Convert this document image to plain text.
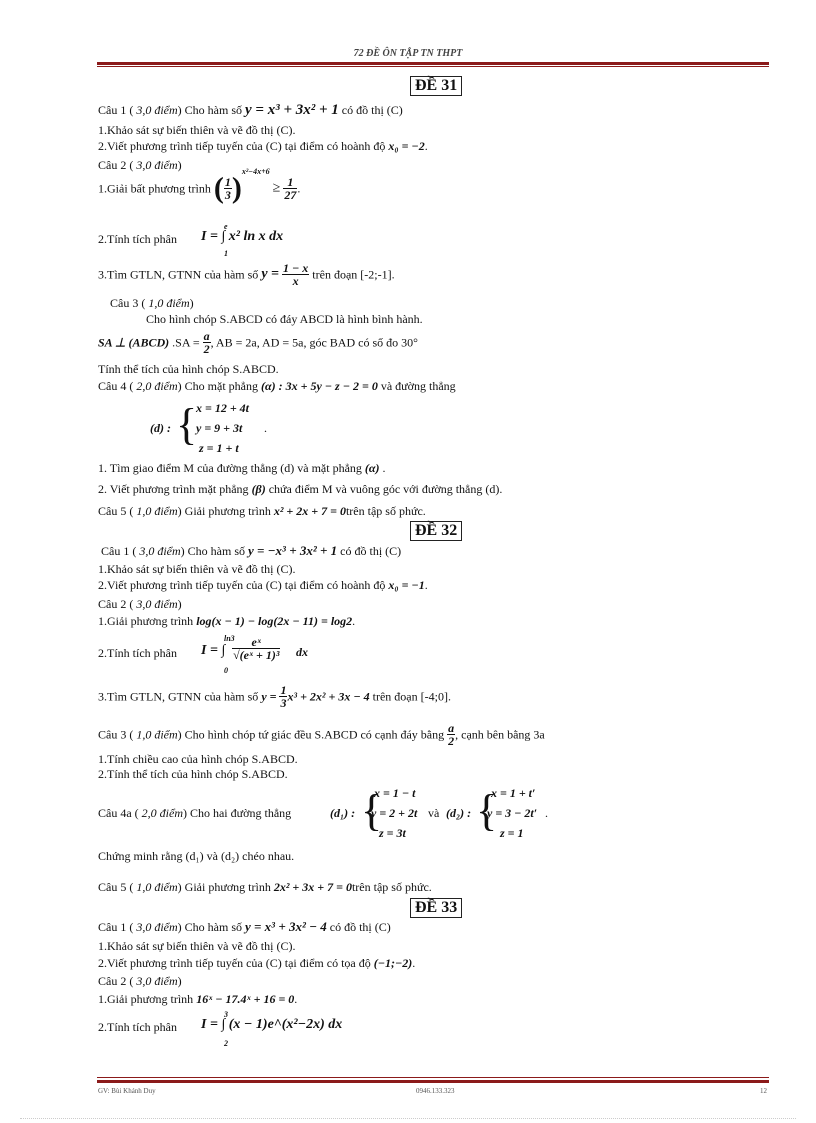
72 ĐỀ ÔN TẬP TN THPT
ĐỀ 31
Câu 1 ( 3,0 điểm) Cho hàm số y = x³ + 3x² + 1 có đồ thị (C)
1.Khảo sát sự biến thiên và vẽ đồ thị (C).
2.Viết phương trình tiếp tuyến của (C) tại điểm có hoành độ x₀ = −2.
Câu 2 ( 3,0 điểm)
1.Giải bất phương trình ( $\frac{1}{3} )^{x^2-4x+6} \ge \frac{1}{27}$ .
2.Tính tích phân
e
1
I = ∫ x² ln x dx
3.Tìm GTLN, GTNN của hàm số $y = \frac{1 - x}{x}$ trên đoạn [-2;-1].
Câu 3 ( 1,0 điểm)
Cho hình chóp S.ABCD có đáy ABCD là hình bình hành.
SA ⊥ (ABCD) $.SA = \frac{a}{2}$ , AB = 2a, AD = 5a, góc BAD có số đo 30°
Tính thể tích của hình chóp S.ABCD.
Câu 4 ( 2,0 điểm) Cho mặt phẳng (α) : 3x + 5y − z − 2 = 0 và đường thẳng
(d) : {
x = 12 + 4t
y = 9 + 3t .
z = 1 + t
1. Tìm giao điểm M của đường thẳng (d) và mặt phẳng (α) .
2. Viết phương trình mặt phẳng (β) chứa điểm M và vuông góc với đường thẳng (d).
Câu 5 ( 1,0 điểm) Giải phương trình x² + 2x + 7 = 0trên tập số phức.
ĐỀ 32
Câu 1 ( 3,0 điểm) Cho hàm số y = −x³ + 3x² + 1 có đồ thị (C)
1.Khảo sát sự biến thiên và vẽ đồ thị (C).
2.Viết phương trình tiếp tuyến của (C) tại điểm có hoành độ x₀ = −1.
Câu 2 ( 3,0 điểm)
1.Giải phương trình log(x − 1) − log(2x − 11) = log2.
2.Tính tích phân
ln3
0
I = ∫ $\frac{\text{eˣ}}{\text{√(eˣ + 1)³}}$ dx
3.Tìm GTLN, GTNN của hàm số $y = \frac{1}{3} x^3 + 2x^2 + 3x - 4$ trên đoạn [-4;0].
Câu 3 ( 1,0 điểm) Cho hình chóp tứ giác đều S.ABCD có cạnh đáy bằng $\frac{a}{2}$ , cạnh bên bằng 3a
1.Tính chiều cao của hình chóp S.ABCD.
2.Tính thể tích của hình chóp S.ABCD.
Câu 4a ( 2,0 điểm) Cho hai đường thẳng	(d₁) : {
x = 1 − t
y = 2 + 2t
z = 3t
và (d₂) : {
x = 1 + t′
y = 3 − 2t′ .
z = 1
Chứng minh rằng (d₁) và (d₂) chéo nhau.
Câu 5 ( 1,0 điểm) Giải phương trình 2x² + 3x + 7 = 0trên tập số phức.
ĐỀ 33
Câu 1 ( 3,0 điểm) Cho hàm số y = x³ + 3x² − 4 có đồ thị (C)
1.Khảo sát sự biến thiên và vẽ đồ thị (C).
2.Viết phương trình tiếp tuyến của (C) tại điểm có tọa độ (−1;−2).
Câu 2 ( 3,0 điểm)
1.Giải phương trình 16ˣ − 17.4ˣ + 16 = 0.
2.Tính tích phân
3
2
I = ∫ (x − 1)e^(x²−2x) dx
GV: Bùi Khánh Duy	0946.133.323	12
